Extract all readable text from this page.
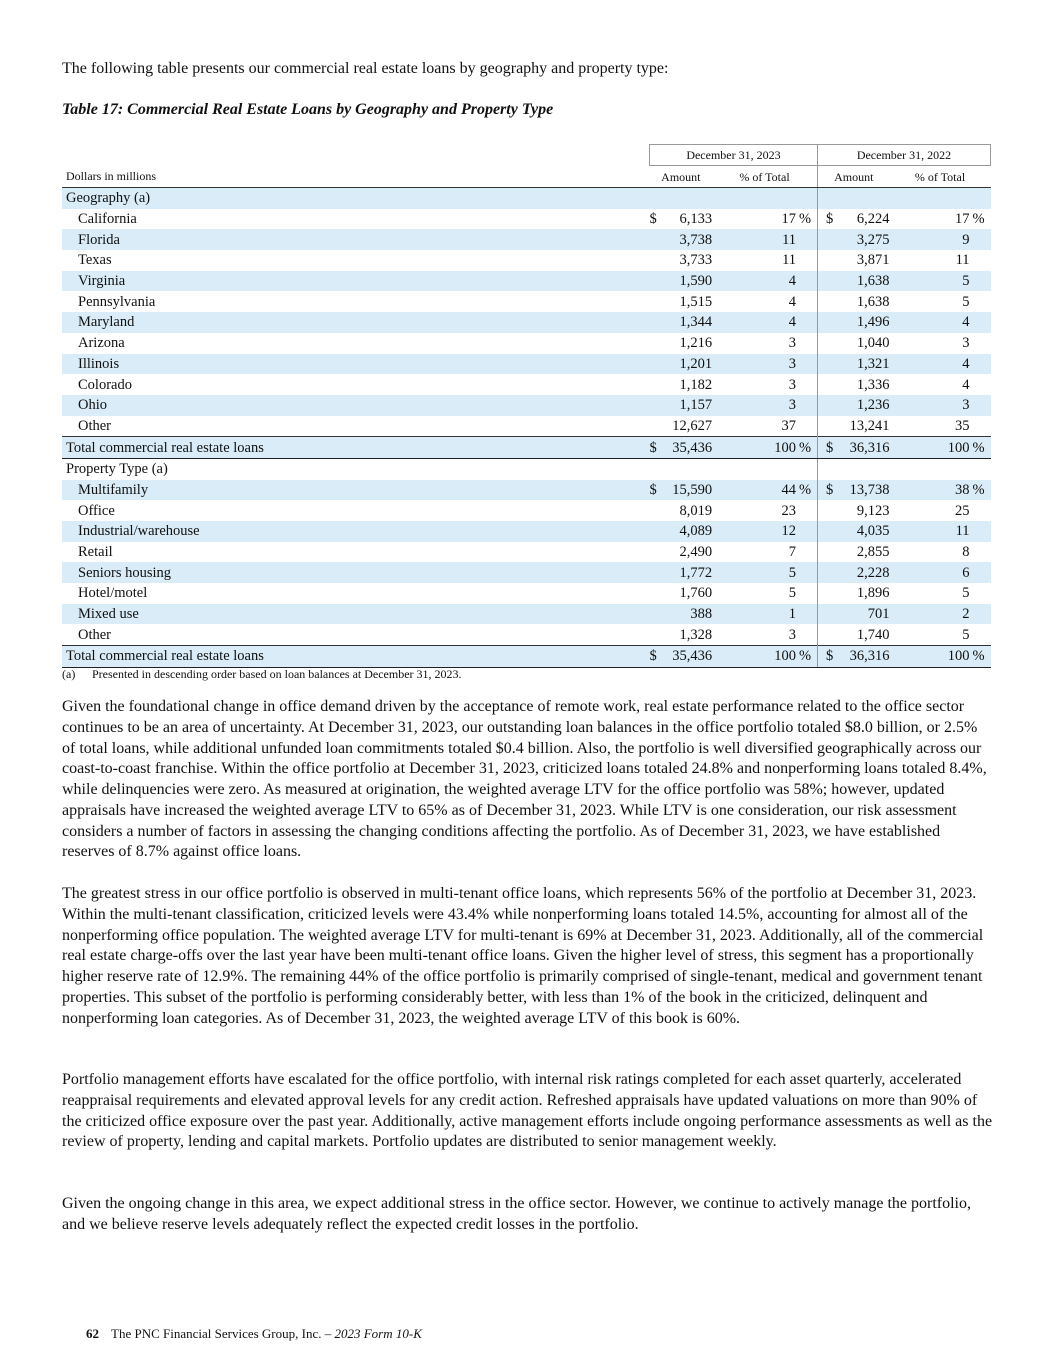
The following table presents our commercial real estate loans by geography and property type:

Table 17: Commercial Real Estate Loans by Geography and Property Type

	December 31, 2023				December 31, 2022			
Dollars in millions	Amount		% of Total		Amount		% of Total	
Geography (a)								
California	$	6,133	17	%	$	6,224	17	%
Florida		3,738	11			3,275	9	
Texas		3,733	11			3,871	11	
Virginia		1,590	4			1,638	5	
Pennsylvania		1,515	4			1,638	5	
Maryland		1,344	4			1,496	4	
Arizona		1,216	3			1,040	3	
Illinois		1,201	3			1,321	4	
Colorado		1,182	3			1,336	4	
Ohio		1,157	3			1,236	3	
Other		12,627	37			13,241	35	
Total commercial real estate loans	$	35,436	100	%	$	36,316	100	%
Property Type (a)								
Multifamily	$	15,590	44	%	$	13,738	38	%
Office		8,019	23			9,123	25	
Industrial/warehouse		4,089	12			4,035	11	
Retail		2,490	7			2,855	8	
Seniors housing		1,772	5			2,228	6	
Hotel/motel		1,760	5			1,896	5	
Mixed use		388	1			701	2	
Other		1,328	3			1,740	5	
Total commercial real estate loans	$	35,436	100	%	$	36,316	100	%

(a) Presented in descending order based on loan balances at December 31, 2023.

Given the foundational change in office demand driven by the acceptance of remote work, real estate performance related to the office sector continues to be an area of uncertainty. At December 31, 2023, our outstanding loan balances in the office portfolio totaled $8.0 billion, or 2.5% of total loans, while additional unfunded loan commitments totaled $0.4 billion. Also, the portfolio is well diversified geographically across our coast-to-coast franchise. Within the office portfolio at December 31, 2023, criticized loans totaled 24.8% and nonperforming loans totaled 8.4%, while delinquencies were zero. As measured at origination, the weighted average LTV for the office portfolio was 58%; however, updated appraisals have increased the weighted average LTV to 65% as of December 31, 2023. While LTV is one consideration, our risk assessment considers a number of factors in assessing the changing conditions affecting the portfolio. As of December 31, 2023, we have established reserves of 8.7% against office loans.

The greatest stress in our office portfolio is observed in multi-tenant office loans, which represents 56% of the portfolio at December 31, 2023. Within the multi-tenant classification, criticized levels were 43.4% while nonperforming loans totaled 14.5%, accounting for almost all of the nonperforming office population. The weighted average LTV for multi-tenant is 69% at December 31, 2023. Additionally, all of the commercial real estate charge-offs over the last year have been multi-tenant office loans. Given the higher level of stress, this segment has a proportionally higher reserve rate of 12.9%. The remaining 44% of the office portfolio is primarily comprised of single-tenant, medical and government tenant properties. This subset of the portfolio is performing considerably better, with less than 1% of the book in the criticized, delinquent and nonperforming loan categories. As of December 31, 2023, the weighted average LTV of this book is 60%.

Portfolio management efforts have escalated for the office portfolio, with internal risk ratings completed for each asset quarterly, accelerated reappraisal requirements and elevated approval levels for any credit action. Refreshed appraisals have updated valuations on more than 90% of the criticized office exposure over the past year. Additionally, active management efforts include ongoing performance assessments as well as the review of property, lending and capital markets. Portfolio updates are distributed to senior management weekly.

Given the ongoing change in this area, we expect additional stress in the office sector. However, we continue to actively manage the portfolio, and we believe reserve levels adequately reflect the expected credit losses in the portfolio.

62 The PNC Financial Services Group, Inc. – 2023 Form 10-K
